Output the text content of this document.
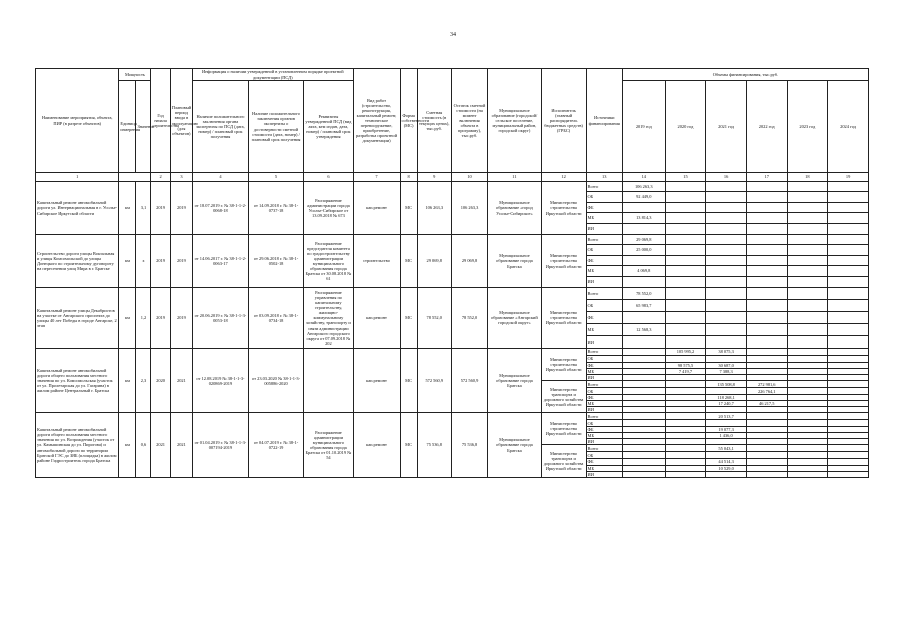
34
Наименование мероприятия, объекта, ПИР (в разрезе объектов)	Мощность		Год начала строительства	Плановый период ввода в эксплуатацию (для объектов)	Информация о наличии утвержденной в установленном порядке проектной документации (ПСД)			Вид работ (строительство, реконструкция, капитальный ремонт, техническое перевооружение, приобретение, разработка проектной документации)	Форма собственности (МС)	Сметная стоимость (в текущих ценах), тыс.руб.	Остаток сметной стоимости (на момент включения объекта в программу), тыс.руб.	Муниципальное образование (городской/сельское поселение, муниципальный район, городской округ)	Исполнитель (главный распорядитель бюджетных средств) (ГРБС)	Источники финансирования	Объемы финансирования, тыс.руб.					
	Единица измерения	Значение			Наличие положительного заключения органа экспертизы по ПСД (дата, номер) / плановый срок получения	Наличие положительного заключения органов экспертизы о достоверности сметной стоимости (дата, номер) / плановый срок получения	Реквизиты утвержденной ПСД (вид акта, кем издан, дата, номер) / плановый срок утверждения								2019 год	2020 год	2021 год	2022 год	2023 год	2024 год
1			2	3	4	5	6	7	8	9	10	11	12	13	14	15	16	17	18	19
Капитальный ремонт автомобильной дороги ул. Интернациональная в г. Усолье-Сибирское Иркутской области	км	3,1	2019	2019	от 18.07.2019 г. № 38-1-1-2-0068-18	от 14.09.2018 г. № 38-1-0737-18	Распоряжение администрации города Усолье-Сибирское от 13.09.2018 № 673	кап.ремонт	МС	106 263,3	106 263,3	Муниципальное образование «город Усолье-Сибирское»	Министерство строительства Иркутской области	Всего	106 263,3					
														ОБ	92 449,0					
														ФБ						
														МБ	13 814,3					
														ИИ						
Строительство дороги улицы Вокзальная и улицы Комсомольской до улицы Донецкого по строительному дуговороту на пересечении улиц Мира в г. Братске	км	х	2019	2019	от 14.06.2017 г. № 38-1-1-2-0063-17	от 29.06.2018 г. № 38-1-0502-18	Распоряжение председателя комитета по градостроительству администрации муниципального образования города Братска от 30.08.2018 № 61	строительство	МС	29 069,8	29 069,8	Муниципальное образование города Братска	Министерство строительства Иркутской области	Всего	29 069,8					
														ОБ	25 000,0					
														ФБ						
														МБ	4 069,8					
														ИИ						
Капитальный ремонт улицы Декабристов на участке от Ангарского проспекта до улицы 40 лет Победы в городе Ангарске, 2 этап	км	1,2	2019	2019	от 20.06.2019 г. № 38-1-1-3-0053-18	от 03.09.2018 г. № 38-1-0734-18	Распоряжение управления по капитальному строительству, жилищно-коммунальному хозяйству, транспорту и связи администрации Ангарского городского округа от 07.09.2018 № 202	кап.ремонт	МС	78 552,0	78 552,0	Муниципальное образование «Ангарский городской округ»	Министерство строительства Иркутской области	Всего	78 552,0					
														ОБ	65 983,7					
														ФБ						
														МБ	12 568,3					
														ИИ						
Капитальный ремонт автомобильной дороги общего пользования местного значения по ул. Комсомольская (участок от ул. Пролетарская до ул. Гагарина) в жилом районе Центральный г. Братска	км	2,3	2020	2021	от 12.08.2019 № 38-1-1-3-020869-2019	от 23.03.2020 № 38-1-1-3-005886-2020		кап.ремонт	МС	572 560,9	572 560,9	Муниципальное образование города Братска	Министерство строительства Иркутской области	Всего		105 995,2	38 075,3			
														ОБ						
														ФБ		98 575,5	30 687,0			
														МБ		7 419,7	7 388,3			
														ИИ						
													Министерство транспорта и дорожного хозяйства Иркутской области	Всего			135 508,8	272 981,6		
														ОБ				226 764,1		
														ФБ			118 268,1			
														МБ			17 240,7	46 217,5		
														ИИ						
Капитальный ремонт автомобильной дороги общего пользования местного значения по ул. Возрождения (участок от ул. Камышинская до ул. Пирогова) и автомобильной дороги по территории Братской ГЭС до ЗЯБ (площадка) в жилом районе Гидростроитель города Братска	км	0,6	2021	2021	от 01.04.2019 г. № 38-1-1-3-007194-2019	от 04.07.2019 г. № 38-1-0722-19	Распоряжение администрации муниципального образования города Братска от 01.10.2019 № 54	кап.ремонт	МС	75 536,8	75 536,8	Муниципальное образование города Братска	Министерство строительства Иркутской области	Всего			20 513,7			
														ОБ						
														ФБ			19 077,3			
														МБ			1 436,0			
														ИИ						
													Министерство транспорта и дорожного хозяйства Иркутской области	Всего			55 043,1			
														ОБ						
														ФБ			44 514,3			
														МБ			10 529,0			
														ИИ						
